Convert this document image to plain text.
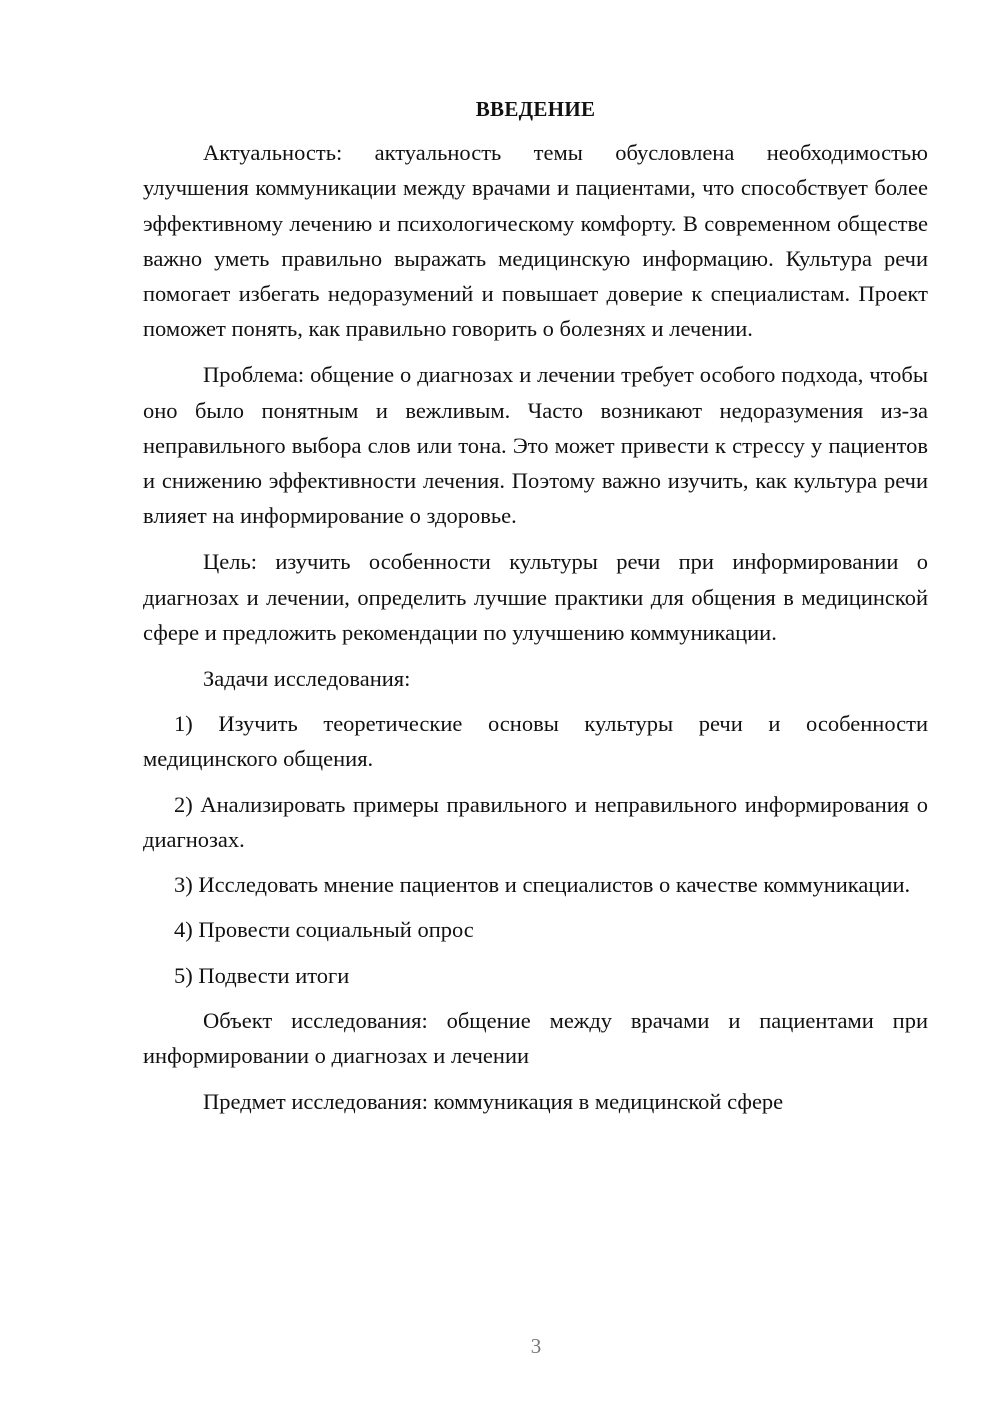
ВВЕДЕНИЕ

Актуальность: актуальность темы обусловлена необходимостью улучшения коммуникации между врачами и пациентами, что способствует более эффективному лечению и психологическому комфорту. В современном обществе важно уметь правильно выражать медицинскую информацию. Культура речи помогает избегать недоразумений и повышает доверие к специалистам. Проект поможет понять, как правильно говорить о болезнях и лечении.

Проблема: общение о диагнозах и лечении требует особого подхода, чтобы оно было понятным и вежливым. Часто возникают недоразумения из-за неправильного выбора слов или тона. Это может привести к стрессу у пациентов и снижению эффективности лечения. Поэтому важно изучить, как культура речи влияет на информирование о здоровье.

Цель: изучить особенности культуры речи при информировании о диагнозах и лечении, определить лучшие практики для общения в медицинской сфере и предложить рекомендации по улучшению коммуникации.

Задачи исследования:

1) Изучить теоретические основы культуры речи и особенности медицинского общения.

2) Анализировать примеры правильного и неправильного информирования о диагнозах.

3) Исследовать мнение пациентов и специалистов о качестве коммуникации.

4) Провести социальный опрос

5) Подвести итоги

Объект исследования: общение между врачами и пациентами при информировании о диагнозах и лечении

Предмет исследования: коммуникация в медицинской сфере

3
